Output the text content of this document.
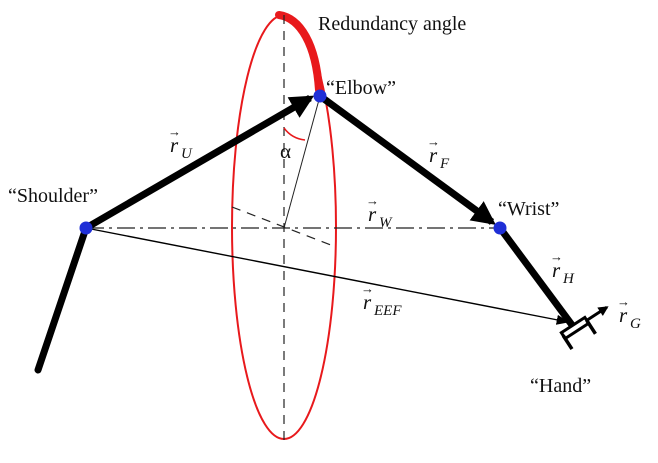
Redundancy angle
“Elbow”
“Shoulder”
“Wrist”
“Hand”
α
→
r U
→
r F
→
r W
→
r H
→
r EEF
→
r G
